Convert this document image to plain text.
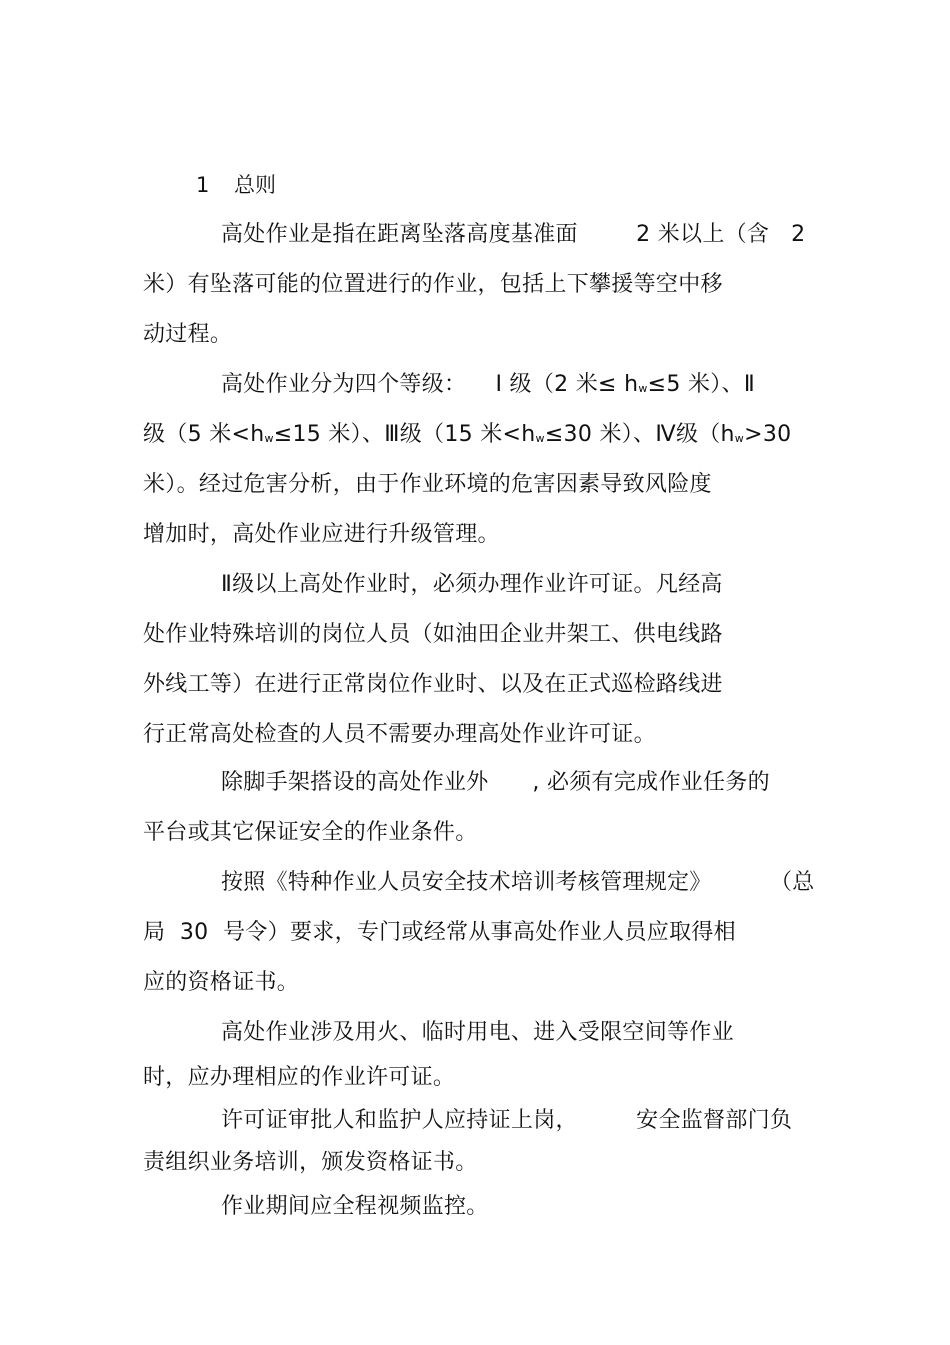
1 总则
高处作业是指在距离坠落高度基准面        2 米以上（含   2
米）有坠落可能的位置进行的作业，包括上下攀援等空中移
动过程。
高处作业分为四个等级：    Ⅰ 级（2 米≤ $h_w\le 5$ 米）、Ⅱ
级（5 米$<h_w\le 15$ 米）、Ⅲ级（15 米$<h_w\le 30$ 米）、Ⅳ级（$h_w>30$
米）。经过危害分析，由于作业环境的危害因素导致风险度
增加时，高处作业应进行升级管理。
Ⅱ级以上高处作业时，必须办理作业许可证。凡经高
处作业特殊培训的岗位人员（如油田企业井架工、供电线路
外线工等）在进行正常岗位作业时、以及在正式巡检路线进
行正常高处检查的人员不需要办理高处作业许可证。
除脚手架搭设的高处作业外      , 必须有完成作业任务的
平台或其它保证安全的作业条件。
按照《特种作业人员安全技术培训考核管理规定》        （总
局  30  号令）要求，专门或经常从事高处作业人员应取得相
应的资格证书。
高处作业涉及用火、临时用电、进入受限空间等作业
时，应办理相应的作业许可证。
许可证审批人和监护人应持证上岗，        安全监督部门负
责组织业务培训，颁发资格证书。
作业期间应全程视频监控。
